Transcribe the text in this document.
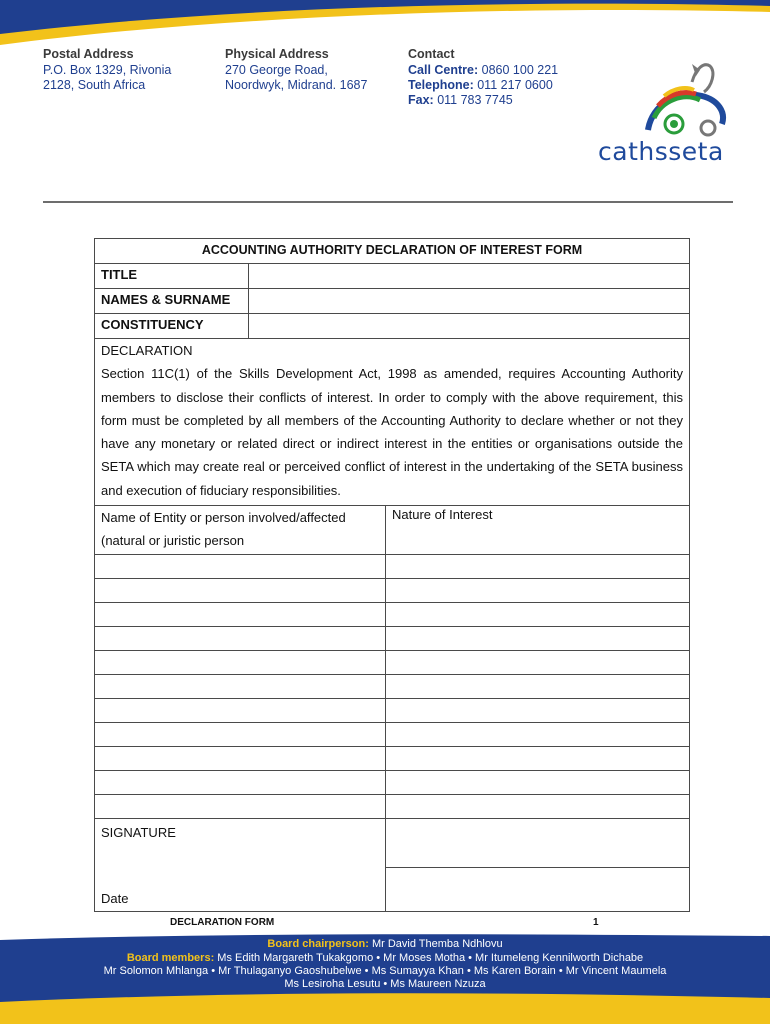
Postal Address
P.O. Box 1329, Rivonia
2128, South Africa
Physical Address
270 George Road,
Noordwyk, Midrand. 1687
Contact
Call Centre: 0860 100 221
Telephone: 011 217 0600
Fax: 011 783 7745
cathsseta
ACCOUNTING AUTHORITY DECLARATION OF INTEREST FORM
TITLE
NAMES & SURNAME
CONSTITUENCY
DECLARATION
Section 11C(1) of the Skills Development Act, 1998 as amended, requires Accounting Authority members to disclose their conflicts of interest. In order to comply with the above requirement, this form must be completed by all members of the Accounting Authority to declare whether or not they have any monetary or related direct or indirect interest in the entities or organisations outside the SETA which may create real or perceived conflict of interest in the undertaking of the SETA business and execution of fiduciary responsibilities.
Name of Entity or person involved/affected
(natural or juristic person
Nature of Interest
SIGNATURE
Date
DECLARATION FORM	1
Board chairperson: Mr David Themba Ndhlovu
Board members: Ms Edith Margareth Tukakgomo • Mr Moses Motha • Mr Itumeleng Kennilworth Dichabe
Mr Solomon Mhlanga • Mr Thulaganyo Gaoshubelwe • Ms Sumayya Khan • Ms Karen Borain • Mr Vincent Maumela
Ms Lesiroha Lesutu • Ms Maureen Nzuza
